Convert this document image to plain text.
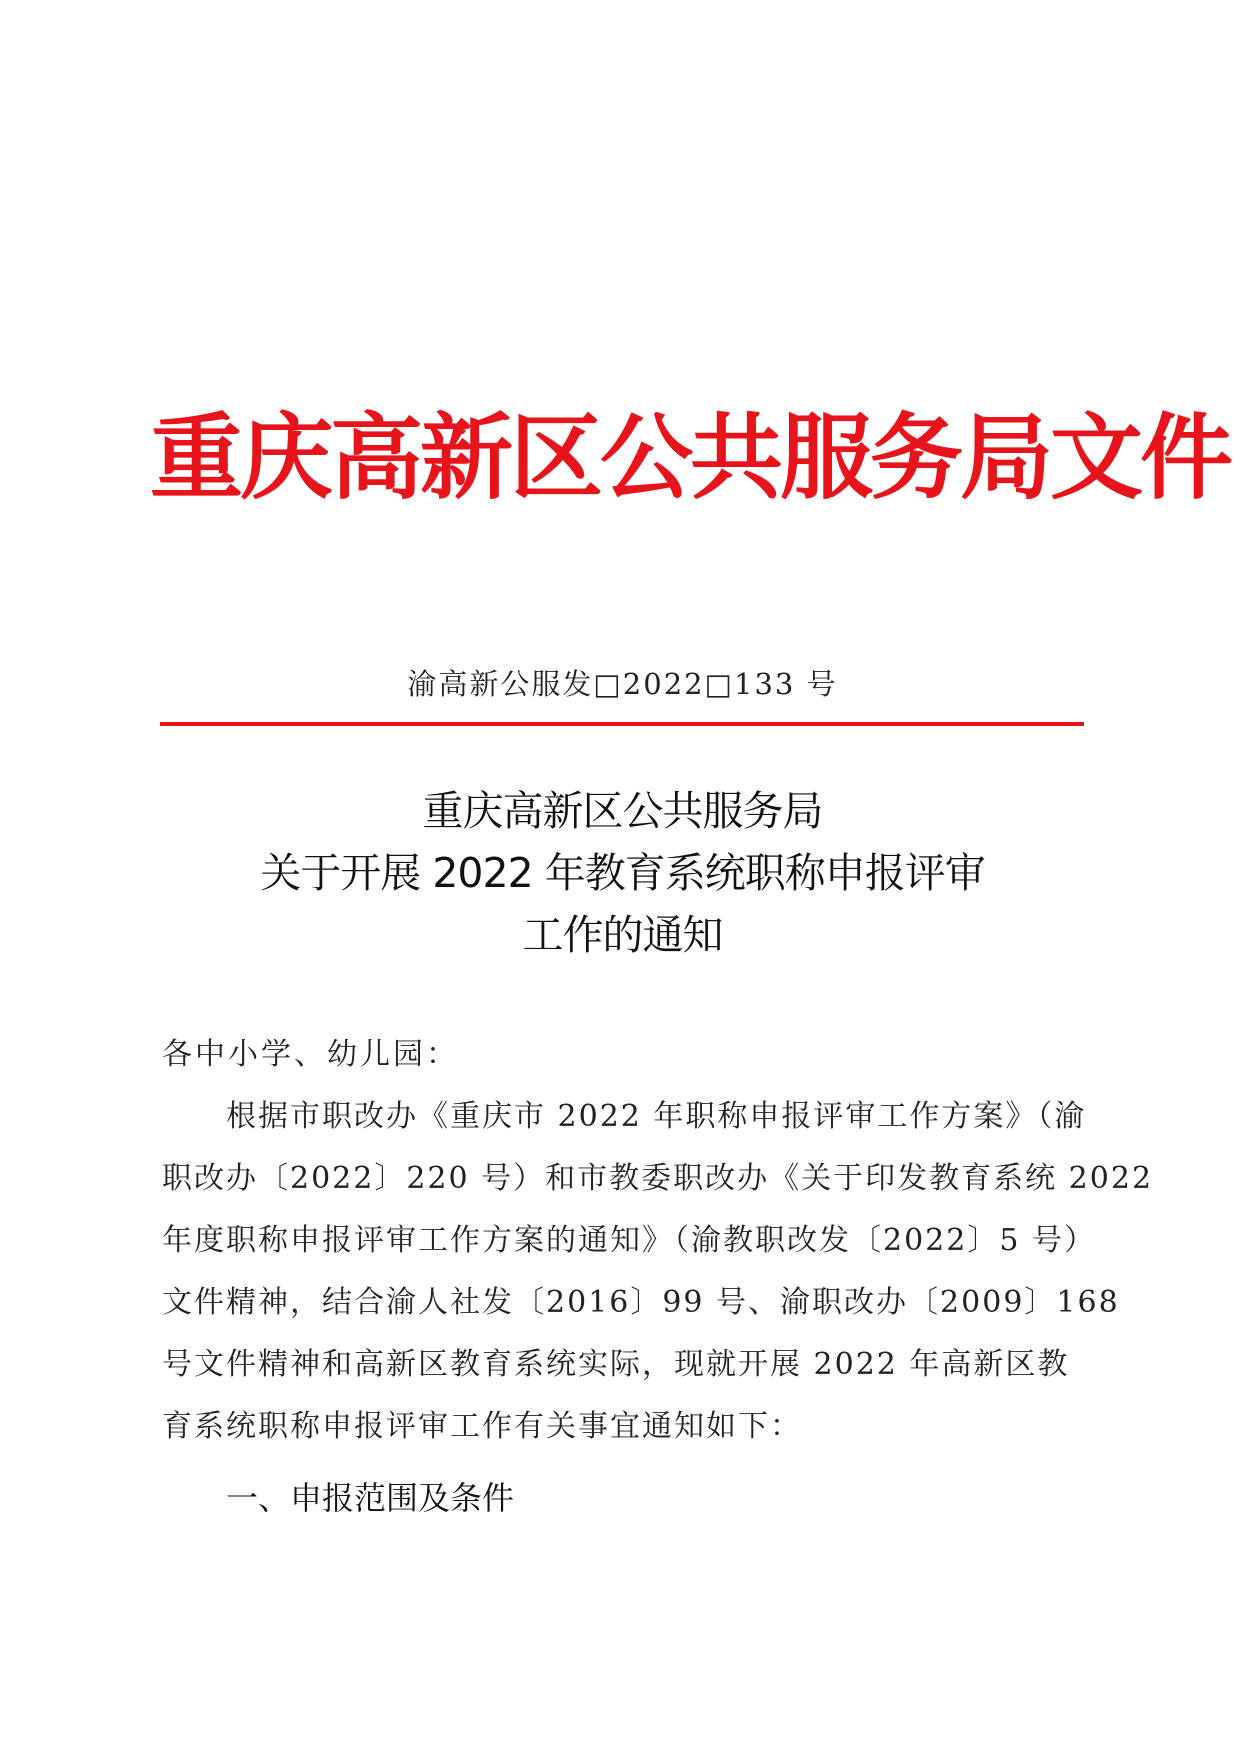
重庆高新区公共服务局文件
渝高新公服发□2022□133 号
重庆高新区公共服务局
关于开展 2022 年教育系统职称申报评审
工作的通知
各中小学、幼儿园：
　　根据市职改办《重庆市 2022 年职称申报评审工作方案》（渝
职改办〔2022〕220 号）和市教委职改办《关于印发教育系统 2022
年度职称申报评审工作方案的通知》（渝教职改发〔2022〕5 号）
文件精神，结合渝人社发〔2016〕99 号、渝职改办〔2009〕168
号文件精神和高新区教育系统实际，现就开展 2022 年高新区教
育系统职称申报评审工作有关事宜通知如下：
一、申报范围及条件
